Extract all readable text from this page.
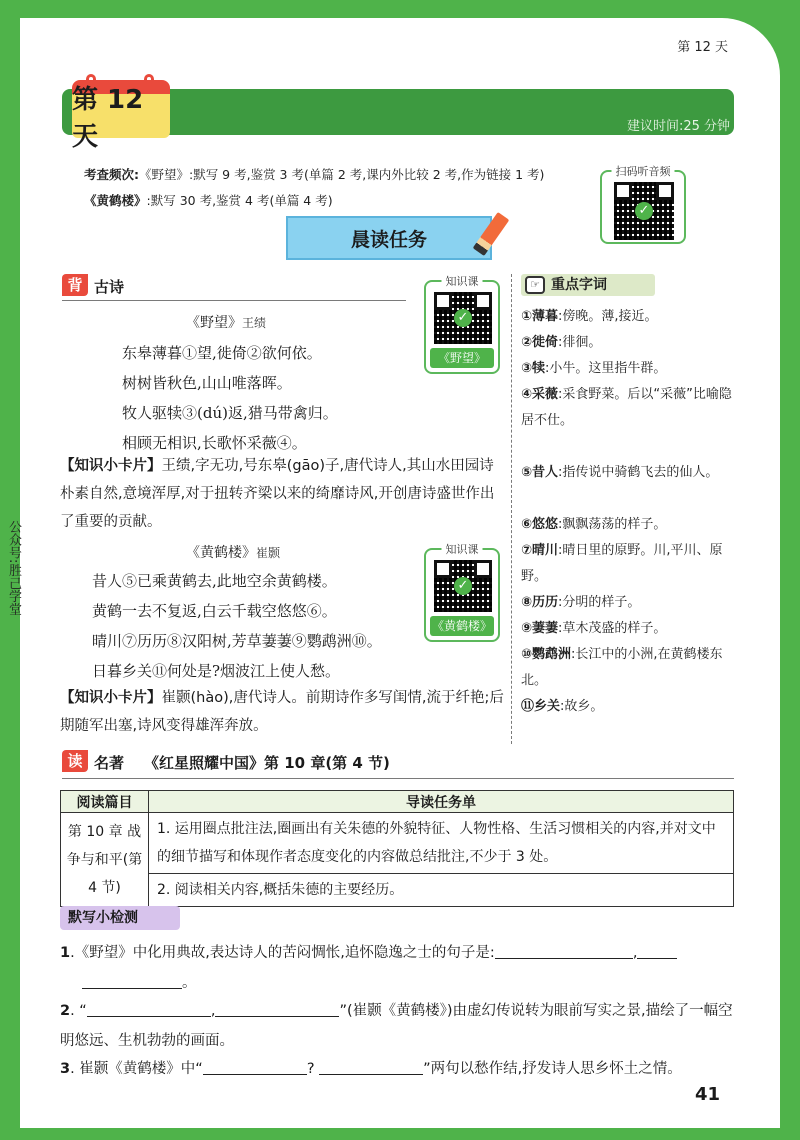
第 12 天
第 12 天	建议时间:25 分钟
考查频次:《野望》:默写 9 考,鉴赏 3 考(单篇 2 考,课内外比较 2 考,作为链接 1 考)
《黄鹤楼》:默写 30 考,鉴赏 4 考(单篇 4 考)
扫码听音频
✓
晨读任务
背 古诗	知识课
✓
《野望》
《野望》王绩
东皋薄暮①望,徙倚②欲何依。
树树皆秋色,山山唯落晖。
牧人驱犊③(dú)返,猎马带禽归。
相顾无相识,长歌怀采薇④。
【知识小卡片】王绩,字无功,号东皋(gāo)子,唐代诗人,其山水田园诗朴素自然,意境浑厚,对于扭转齐梁以来的绮靡诗风,开创唐诗盛世作出了重要的贡献。
知识课
✓
《黄鹤楼》
《黄鹤楼》崔颢
昔人⑤已乘黄鹤去,此地空余黄鹤楼。
黄鹤一去不复返,白云千载空悠悠⑥。
晴川⑦历历⑧汉阳树,芳草萋萋⑨鹦鹉洲⑩。
日暮乡关⑪何处是?烟波江上使人愁。
【知识小卡片】崔颢(hào),唐代诗人。前期诗作多写闺情,流于纤艳;后期随军出塞,诗风变得雄浑奔放。
☞ 重点字词
①薄暮:傍晚。薄,接近。
②徙倚:徘徊。
③犊:小牛。这里指牛群。
④采薇:采食野菜。后以“采薇”比喻隐居不仕。
⑤昔人:指传说中骑鹤飞去的仙人。
⑥悠悠:飘飘荡荡的样子。
⑦晴川:晴日里的原野。川,平川、原野。
⑧历历:分明的样子。
⑨萋萋:草木茂盛的样子。
⑩鹦鹉洲:长江中的小洲,在黄鹤楼东北。
⑪乡关:故乡。
读 名著 《红星照耀中国》第 10 章(第 4 节)
阅读篇目	导读任务单
第 10 章 战争与和平(第 4 节)	1. 运用圈点批注法,圈画出有关朱德的外貌特征、人物性格、生活习惯相关的内容,并对文中的细节描写和体现作者态度变化的内容做总结批注,不少于 3 处。
	2. 阅读相关内容,概括朱德的主要经历。
默写小检测
1.《野望》中化用典故,表达诗人的苦闷惆怅,追怀隐逸之士的句子是:	,
。
2. “	,	”(崔颢《黄鹤楼》)由虚幻传说转为眼前写实之景,描绘了一幅空明悠远、生机勃勃的画面。
3. 崔颢《黄鹤楼》中“	?	”两句以愁作结,抒发诗人思乡怀土之情。
公众号:胜己学堂
41
